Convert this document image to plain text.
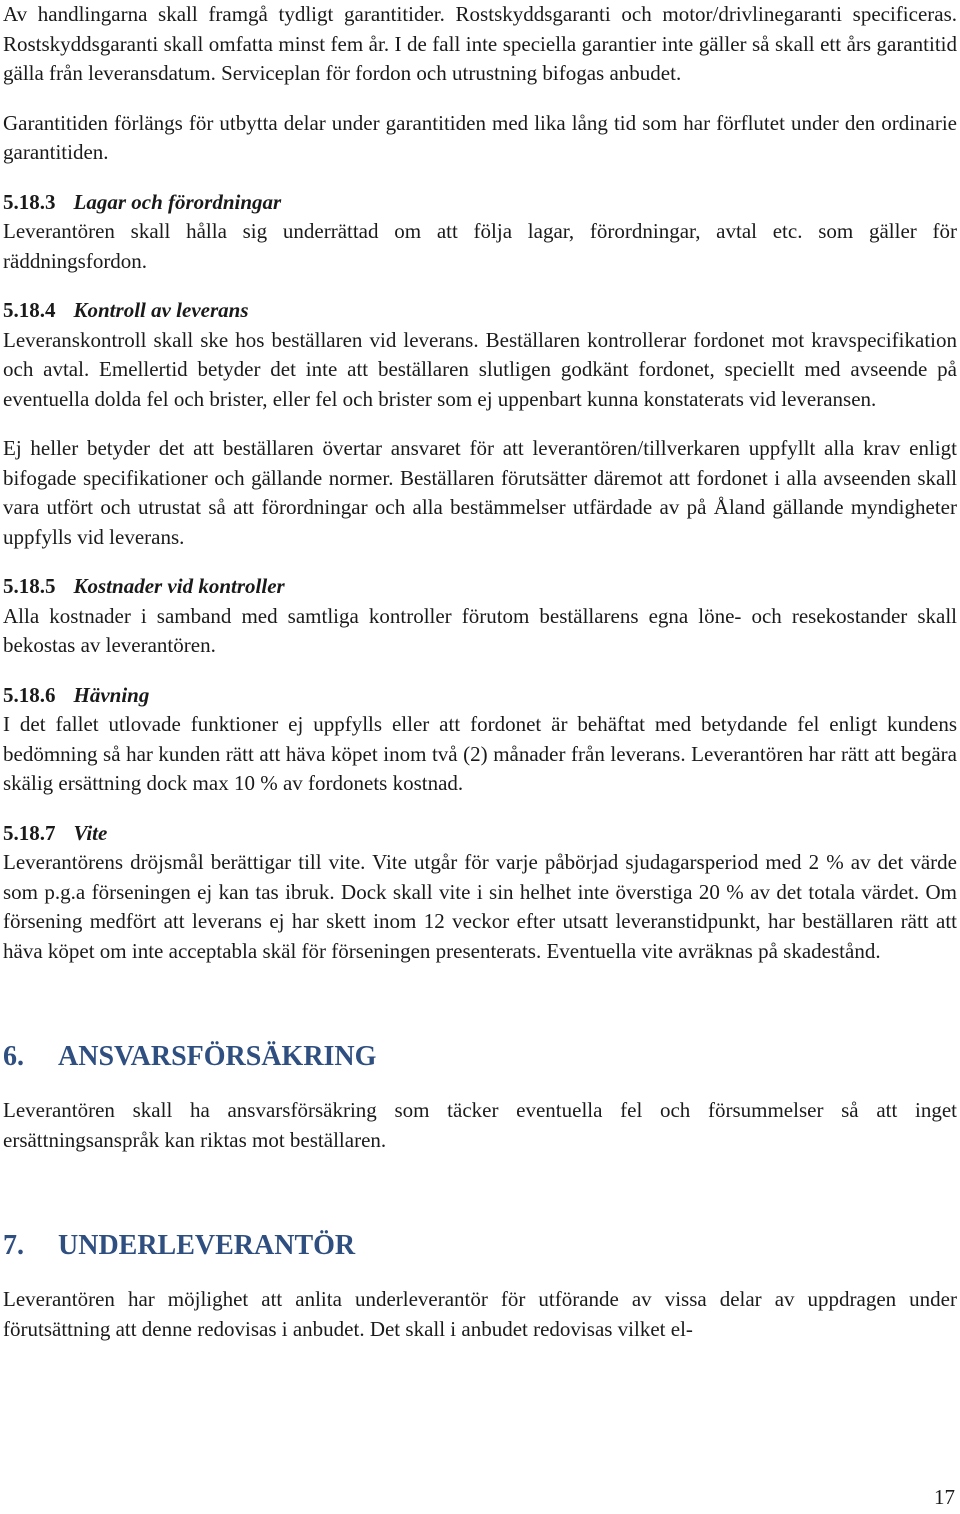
Av handlingarna skall framgå tydligt garantitider. Rostskyddsgaranti och motor/drivlinegaranti specificeras. Rostskyddsgaranti skall omfatta minst fem år. I de fall inte speciella garantier inte gäller så skall ett års garantitid gälla från leveransdatum. Serviceplan för fordon och utrustning bifogas anbudet.

Garantitiden förlängs för utbytta delar under garantitiden med lika lång tid som har förflutet under den ordinarie garantitiden.

5.18.3 Lagar och förordningar

Leverantören skall hålla sig underrättad om att följa lagar, förordningar, avtal etc. som gäller för räddningsfordon.

5.18.4 Kontroll av leverans

Leveranskontroll skall ske hos beställaren vid leverans. Beställaren kontrollerar fordonet mot kravspecifikation och avtal. Emellertid betyder det inte att beställaren slutligen godkänt fordonet, speciellt med avseende på eventuella dolda fel och brister, eller fel och brister som ej uppenbart kunna konstaterats vid leveransen.

Ej heller betyder det att beställaren övertar ansvaret för att leverantören/tillverkaren uppfyllt alla krav enligt bifogade specifikationer och gällande normer. Beställaren förutsätter däremot att fordonet i alla avseenden skall vara utfört och utrustat så att förordningar och alla bestämmelser utfärdade av på Åland gällande myndigheter uppfylls vid leverans.

5.18.5 Kostnader vid kontroller

Alla kostnader i samband med samtliga kontroller förutom beställarens egna löne- och resekostander skall bekostas av leverantören.

5.18.6 Hävning

I det fallet utlovade funktioner ej uppfylls eller att fordonet är behäftat med betydande fel enligt kundens bedömning så har kunden rätt att häva köpet inom två (2) månader från leverans. Leverantören har rätt att begära skälig ersättning dock max 10 % av fordonets kostnad.

5.18.7 Vite

Leverantörens dröjsmål berättigar till vite. Vite utgår för varje påbörjad sjudagarsperiod med 2 % av det värde som p.g.a förseningen ej kan tas ibruk. Dock skall vite i sin helhet inte överstiga 20 % av det totala värdet. Om försening medfört att leverans ej har skett inom 12 veckor efter utsatt leveranstidpunkt, har beställaren rätt att häva köpet om inte acceptabla skäl för förseningen presenterats. Eventuella vite avräknas på skadestånd.

6. ANSVARSFÖRSÄKRING

Leverantören skall ha ansvarsförsäkring som täcker eventuella fel och försummelser så att inget ersättningsanspråk kan riktas mot beställaren.

7. UNDERLEVERANTÖR

Leverantören har möjlighet att anlita underleverantör för utförande av vissa delar av uppdragen under förutsättning att denne redovisas i anbudet. Det skall i anbudet redovisas vilket el-

17
